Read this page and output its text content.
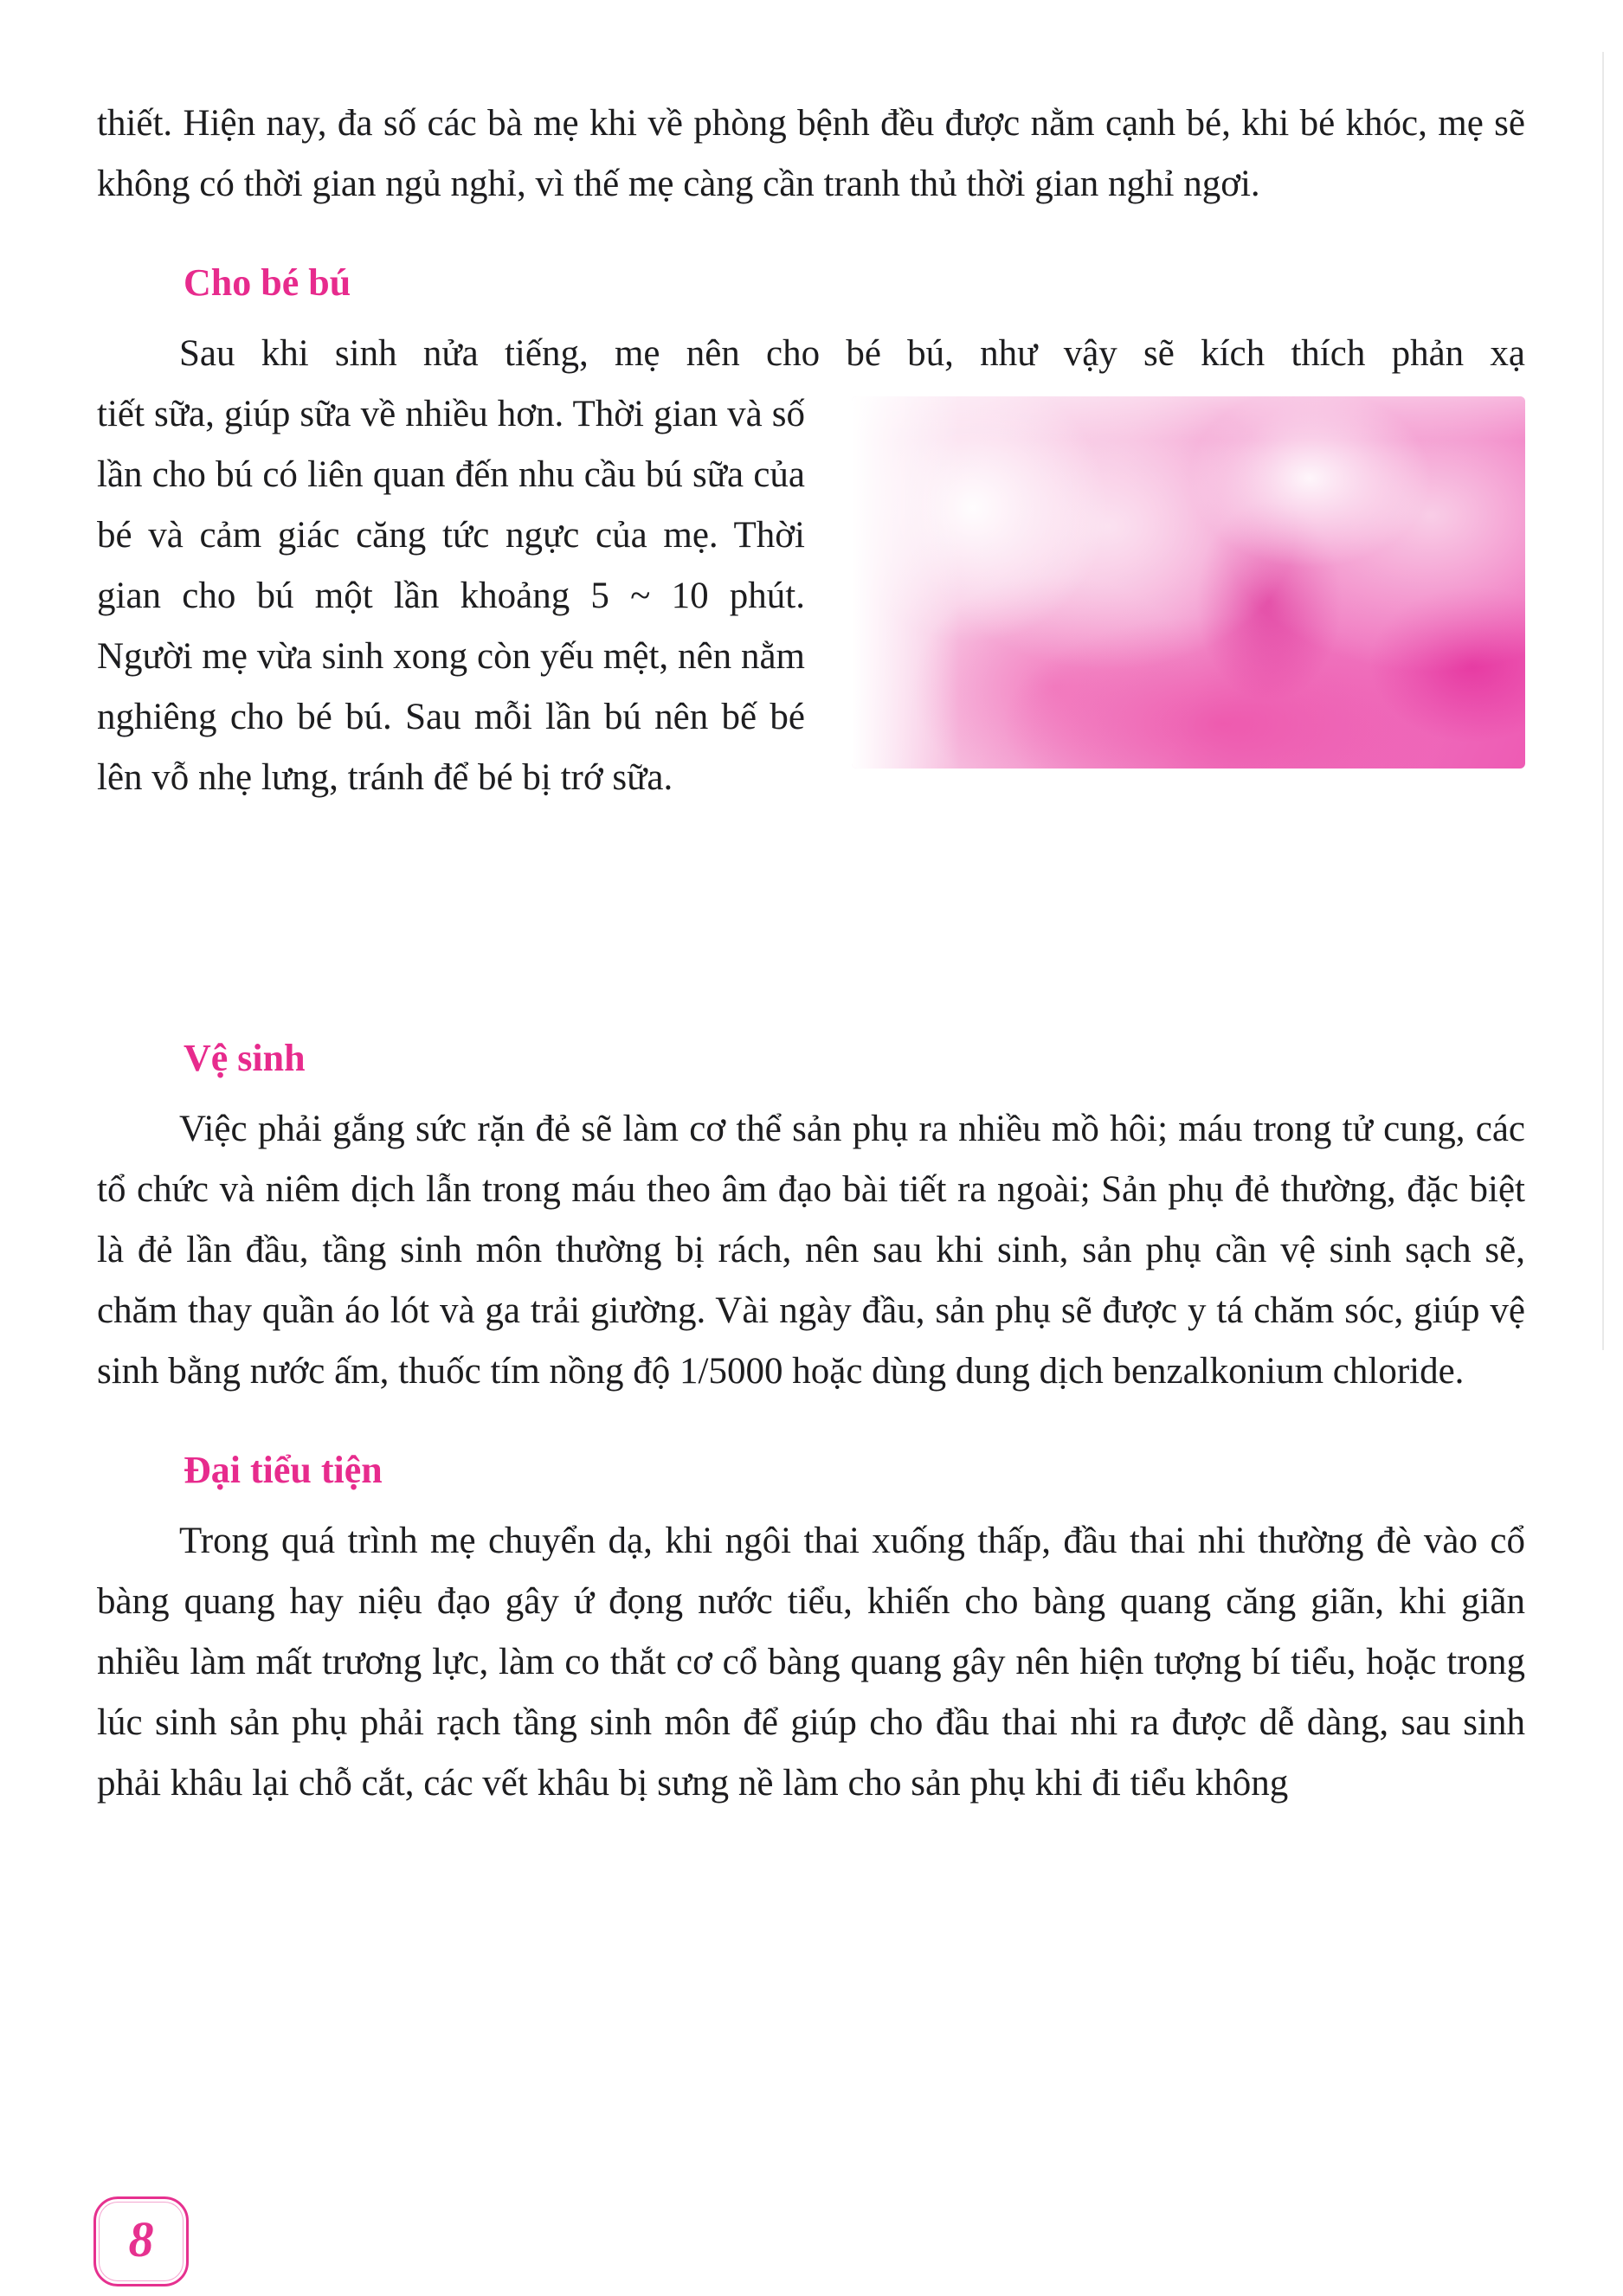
thiết. Hiện nay, đa số các bà mẹ khi về phòng bệnh đều được nằm cạnh bé, khi bé khóc, mẹ sẽ không có thời gian ngủ nghỉ, vì thế mẹ càng cần tranh thủ thời gian nghỉ ngơi.

Cho bé bú

Sau khi sinh nửa tiếng, mẹ nên cho bé bú, như vậy sẽ kích thích phản xạ

tiết sữa, giúp sữa về nhiều hơn. Thời gian và số lần cho bú có liên quan đến nhu cầu bú sữa của bé và cảm giác căng tức ngực của mẹ. Thời gian cho bú một lần khoảng 5 ~ 10 phút. Người mẹ vừa sinh xong còn yếu mệt, nên nằm nghiêng cho bé bú. Sau mỗi lần bú nên bế bé lên vỗ nhẹ lưng, tránh để bé bị trớ sữa.
Vệ sinh

Việc phải gắng sức rặn đẻ sẽ làm cơ thể sản phụ ra nhiều mồ hôi; máu trong tử cung, các tổ chức và niêm dịch lẫn trong máu theo âm đạo bài tiết ra ngoài; Sản phụ đẻ thường, đặc biệt là đẻ lần đầu, tầng sinh môn thường bị rách, nên sau khi sinh, sản phụ cần vệ sinh sạch sẽ, chăm thay quần áo lót và ga trải giường. Vài ngày đầu, sản phụ sẽ được y tá chăm sóc, giúp vệ sinh bằng nước ấm, thuốc tím nồng độ 1/5000 hoặc dùng dung dịch benzalkonium chloride.

Đại tiểu tiện

Trong quá trình mẹ chuyển dạ, khi ngôi thai xuống thấp, đầu thai nhi thường đè vào cổ bàng quang hay niệu đạo gây ứ đọng nước tiểu, khiến cho bàng quang căng giãn, khi giãn nhiều làm mất trương lực, làm co thắt cơ cổ bàng quang gây nên hiện tượng bí tiểu, hoặc trong lúc sinh sản phụ phải rạch tầng sinh môn để giúp cho đầu thai nhi ra được dễ dàng, sau sinh phải khâu lại chỗ cắt, các vết khâu bị sưng nề làm cho sản phụ khi đi tiểu không

8
